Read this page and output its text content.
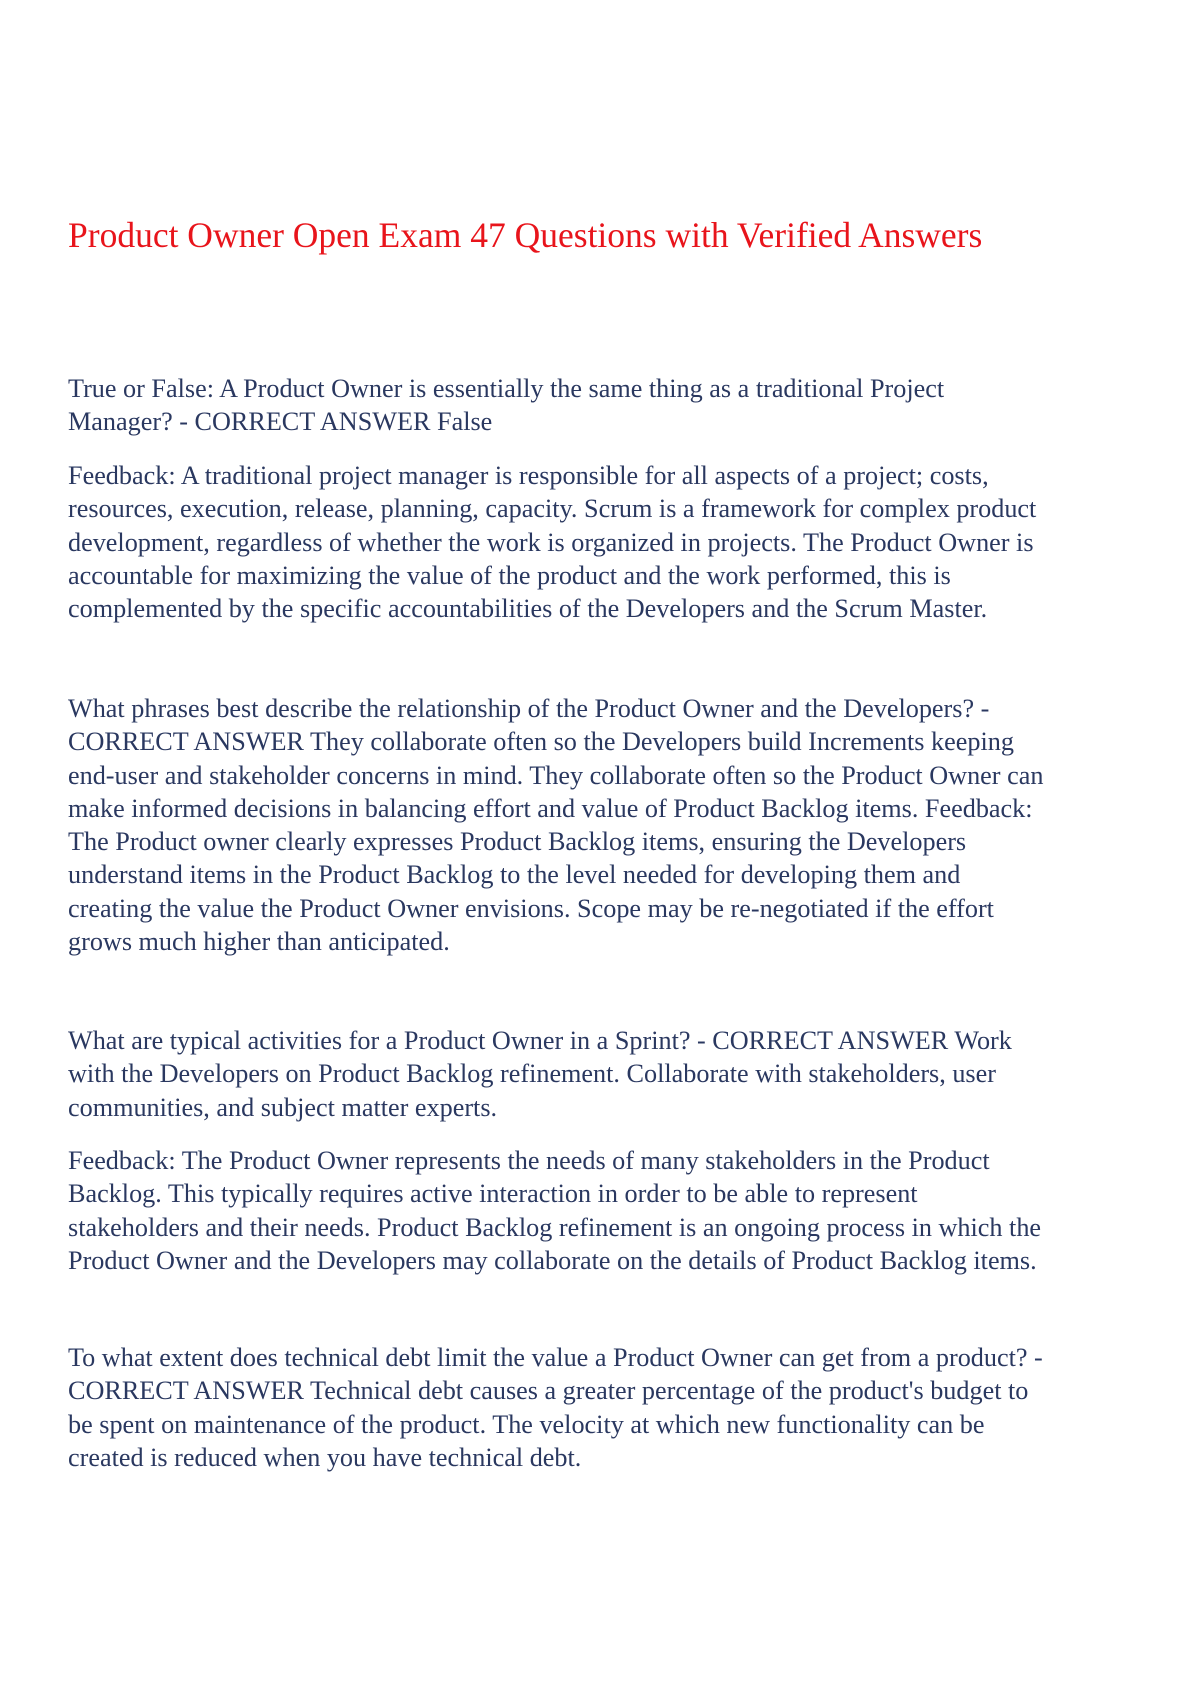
Product Owner Open Exam 47 Questions with Verified Answers

True or False: A Product Owner is essentially the same thing as a traditional Project
Manager? - CORRECT ANSWER False

Feedback: A traditional project manager is responsible for all aspects of a project; costs,
resources, execution, release, planning, capacity. Scrum is a framework for complex product
development, regardless of whether the work is organized in projects. The Product Owner is
accountable for maximizing the value of the product and the work performed, this is
complemented by the specific accountabilities of the Developers and the Scrum Master.

What phrases best describe the relationship of the Product Owner and the Developers? -
CORRECT ANSWER They collaborate often so the Developers build Increments keeping
end-user and stakeholder concerns in mind. They collaborate often so the Product Owner can
make informed decisions in balancing effort and value of Product Backlog items. Feedback:
The Product owner clearly expresses Product Backlog items, ensuring the Developers
understand items in the Product Backlog to the level needed for developing them and
creating the value the Product Owner envisions. Scope may be re-negotiated if the effort
grows much higher than anticipated.

What are typical activities for a Product Owner in a Sprint? - CORRECT ANSWER Work
with the Developers on Product Backlog refinement. Collaborate with stakeholders, user
communities, and subject matter experts.

Feedback: The Product Owner represents the needs of many stakeholders in the Product
Backlog. This typically requires active interaction in order to be able to represent
stakeholders and their needs. Product Backlog refinement is an ongoing process in which the
Product Owner and the Developers may collaborate on the details of Product Backlog items.

To what extent does technical debt limit the value a Product Owner can get from a product? -
CORRECT ANSWER Technical debt causes a greater percentage of the product's budget to
be spent on maintenance of the product. The velocity at which new functionality can be
created is reduced when you have technical debt.
